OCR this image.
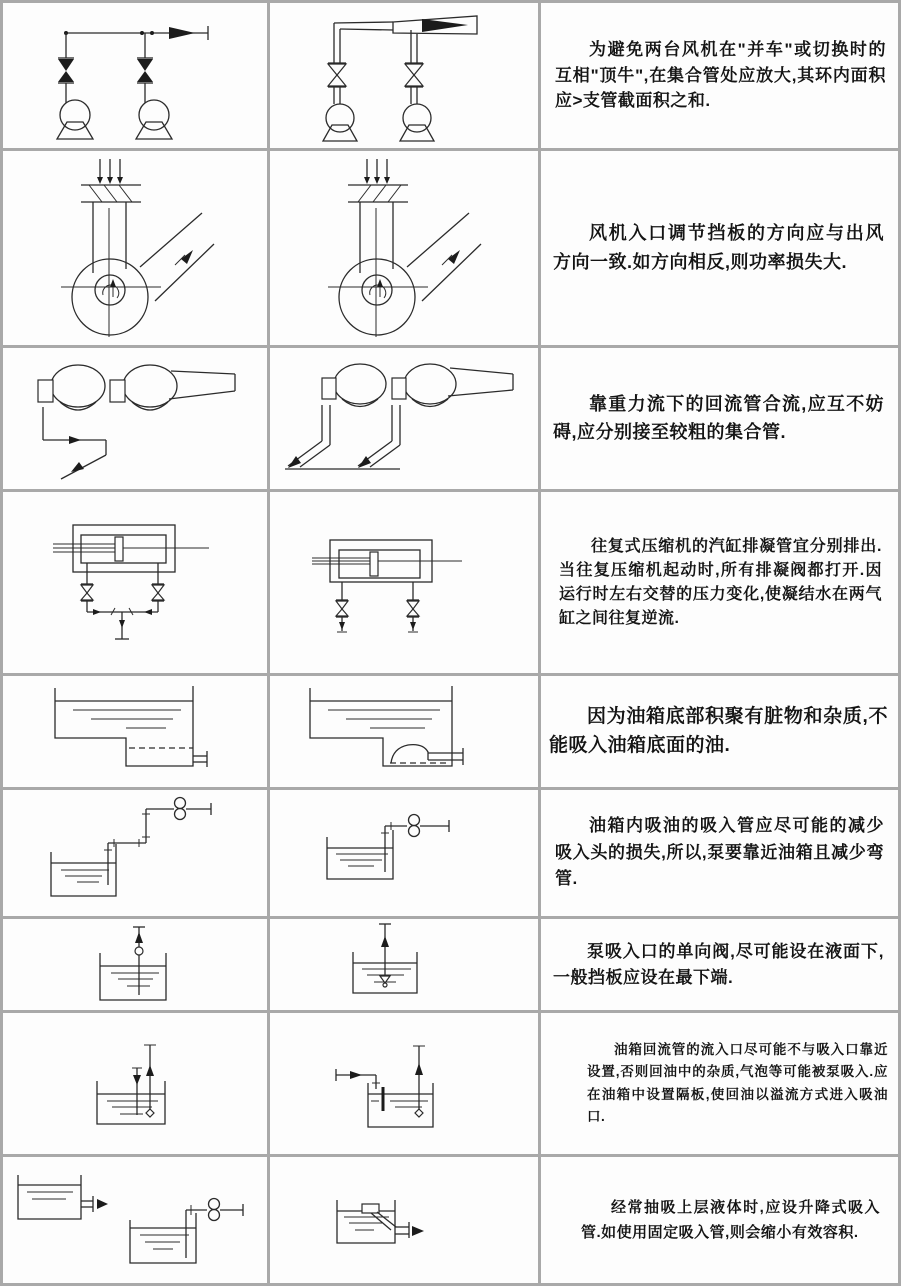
为避免两台风机在"并车"或切换时的互相"顶牛",在集合管处应放大,其环内面积应>支管截面积之和.

风机入口调节挡板的方向应与出风方向一致.如方向相反,则功率损失大.

靠重力流下的回流管合流,应互不妨碍,应分别接至较粗的集合管.

往复式压缩机的汽缸排凝管宜分别排出.当往复压缩机起动时,所有排凝阀都打开.因运行时左右交替的压力变化,使凝结水在两气缸之间往复逆流.

因为油箱底部积聚有脏物和杂质,不能吸入油箱底面的油.

油箱内吸油的吸入管应尽可能的减少吸入头的损失,所以,泵要靠近油箱且减少弯管.

泵吸入口的单向阀,尽可能设在液面下,一般挡板应设在最下端.

油箱回流管的流入口尽可能不与吸入口靠近设置,否则回油中的杂质,气泡等可能被泵吸入.应在油箱中设置隔板,使回油以溢流方式进入吸油口.

经常抽吸上层液体时,应设升降式吸入管.如使用固定吸入管,则会缩小有效容积.
